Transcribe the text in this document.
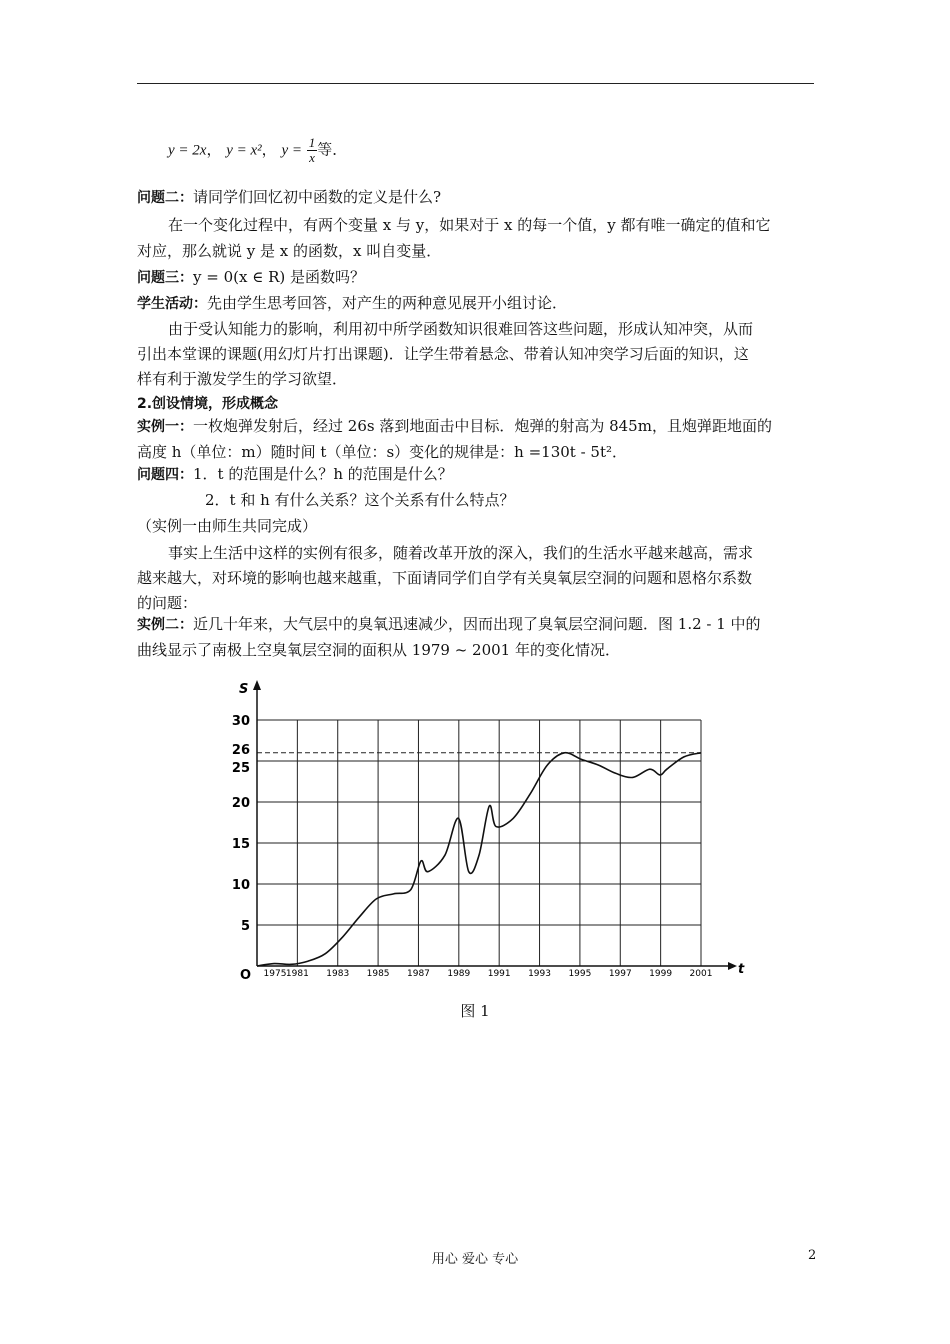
y = 2x， y = x²， $y = \frac{1}{x}$ 等．
问题二：请同学们回忆初中函数的定义是什么?
在一个变化过程中，有两个变量 x 与 y，如果对于 x 的每一个值，y 都有唯一确定的值和它
对应，那么就说 y 是 x 的函数，x 叫自变量．
问题三：y = 0(x ∈ R) 是函数吗？
学生活动：先由学生思考回答，对产生的两种意见展开小组讨论．
由于受认知能力的影响，利用初中所学函数知识很难回答这些问题，形成认知冲突，从而
引出本堂课的课题(用幻灯片打出课题)．让学生带着悬念、带着认知冲突学习后面的知识，这
样有利于激发学生的学习欲望．
2.创设情境，形成概念
实例一：一枚炮弹发射后，经过 26s 落到地面击中目标．炮弹的射高为 845m，且炮弹距地面的
高度 h（单位：m）随时间 t（单位：s）变化的规律是：h =130t - 5t²．
问题四：1．t 的范围是什么？h 的范围是什么？
2．t 和 h 有什么关系？这个关系有什么特点？
（实例一由师生共同完成）
事实上生活中这样的实例有很多，随着改革开放的深入，我们的生活水平越来越高，需求
越来越大，对环境的影响也越来越重，下面请同学们自学有关臭氧层空洞的问题和恩格尔系数
的问题：
实例二：近几十年来，大气层中的臭氧迅速减少，因而出现了臭氧层空洞问题．图 1.2 - 1 中的
曲线显示了南极上空臭氧层空洞的面积从 1979 ~ 2001 年的变化情况．
S
t
O
5
10
15
20
25
26
30
1975 1981 1983 1985 1987 1989 1991 1993 1995 1997 1999 2001
图 1
用心 爱心 专心	2
